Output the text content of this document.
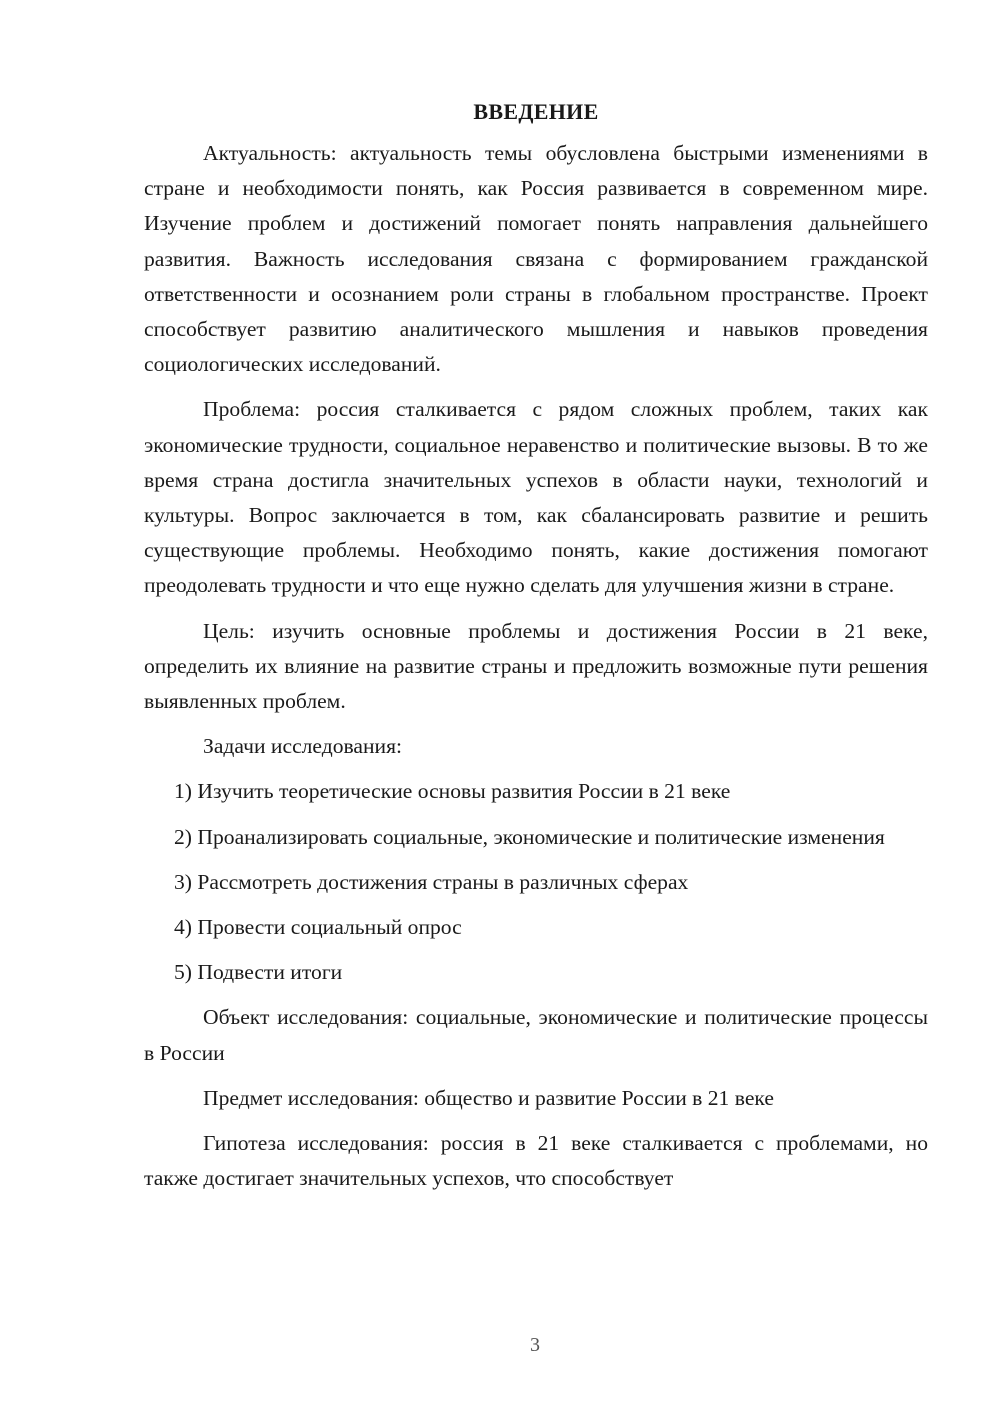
ВВЕДЕНИЕ

Актуальность: актуальность темы обусловлена быстрыми изменениями в стране и необходимости понять, как Россия развивается в современном мире. Изучение проблем и достижений помогает понять направления дальнейшего развития. Важность исследования связана с формированием гражданской ответственности и осознанием роли страны в глобальном пространстве. Проект способствует развитию аналитического мышления и навыков проведения социологических исследований.

Проблема: россия сталкивается с рядом сложных проблем, таких как экономические трудности, социальное неравенство и политические вызовы. В то же время страна достигла значительных успехов в области науки, технологий и культуры. Вопрос заключается в том, как сбалансировать развитие и решить существующие проблемы. Необходимо понять, какие достижения помогают преодолевать трудности и что еще нужно сделать для улучшения жизни в стране.

Цель: изучить основные проблемы и достижения России в 21 веке, определить их влияние на развитие страны и предложить возможные пути решения выявленных проблем.

Задачи исследования:

1) Изучить теоретические основы развития России в 21 веке

2) Проанализировать социальные, экономические и политические изменения

3) Рассмотреть достижения страны в различных сферах

4) Провести социальный опрос

5) Подвести итоги

Объект исследования: социальные, экономические и политические процессы в России

Предмет исследования: общество и развитие России в 21 веке

Гипотеза исследования: россия в 21 веке сталкивается с проблемами, но также достигает значительных успехов, что способствует

3
